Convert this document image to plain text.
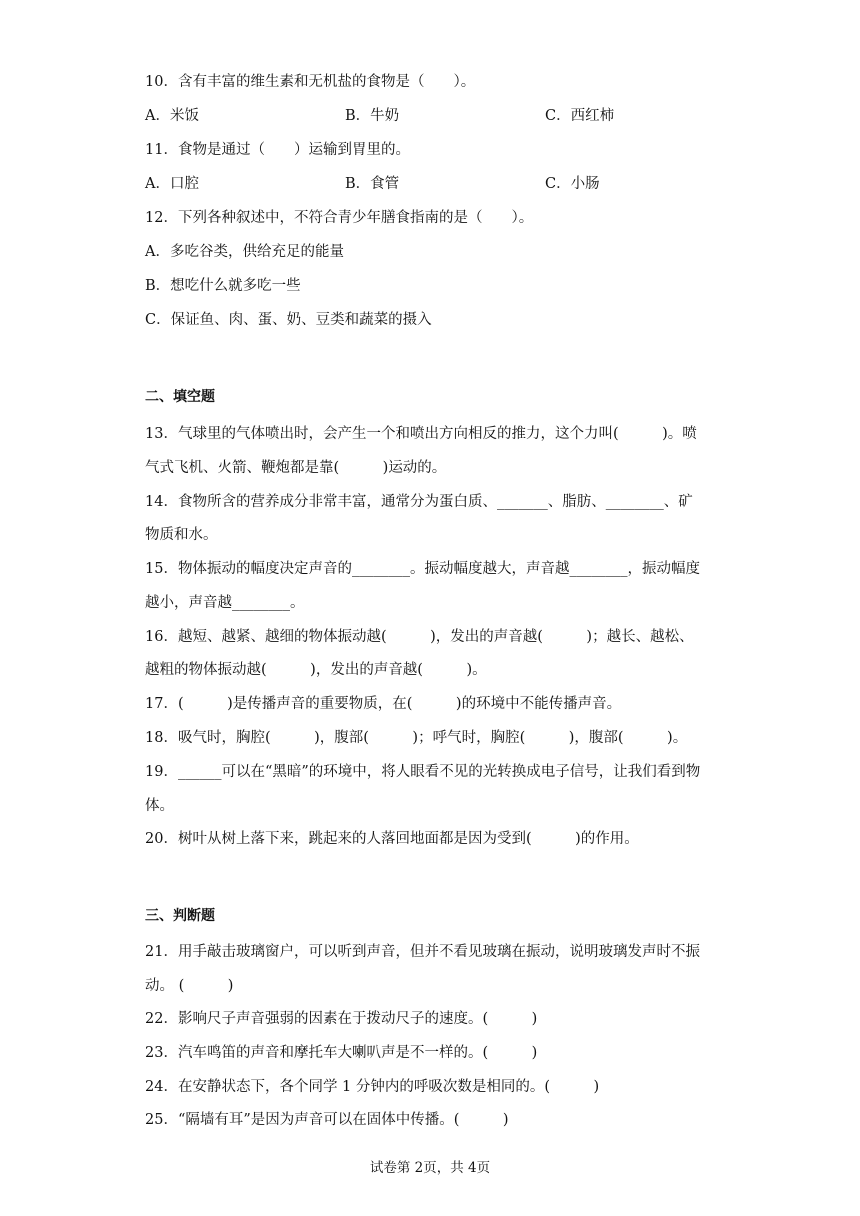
10．含有丰富的维生素和无机盐的食物是（　　）。
A．米饭	B．牛奶	C．西红柿
11．食物是通过（　　）运输到胃里的。
A．口腔	B．食管	C．小肠
12．下列各种叙述中，不符合青少年膳食指南的是（　　）。
A．多吃谷类，供给充足的能量
B．想吃什么就多吃一些
C．保证鱼、肉、蛋、奶、豆类和蔬菜的摄入
二、填空题
13．气球里的气体喷出时，会产生一个和喷出方向相反的推力，这个力叫(　　　)。喷
气式飞机、火箭、鞭炮都是靠(　　　)运动的。
14．食物所含的营养成分非常丰富，通常分为蛋白质、_______、脂肪、________、矿
物质和水。
15．物体振动的幅度决定声音的________。振动幅度越大，声音越________，振动幅度
越小，声音越________。
16．越短、越紧、越细的物体振动越(　　　)，发出的声音越(　　　)；越长、越松、
越粗的物体振动越(　　　)，发出的声音越(　　　)。
17．(　　　)是传播声音的重要物质，在(　　　)的环境中不能传播声音。
18．吸气时，胸腔(　　　)，腹部(　　　)；呼气时，胸腔(　　　)，腹部(　　　)。
19．______可以在“黑暗”的环境中，将人眼看不见的光转换成电子信号，让我们看到物
体。
20．树叶从树上落下来，跳起来的人落回地面都是因为受到(　　　)的作用。
三、判断题
21．用手敲击玻璃窗户，可以听到声音，但并不看见玻璃在振动，说明玻璃发声时不振
动。 (　　　)
22．影响尺子声音强弱的因素在于拨动尺子的速度。(　　　)
23．汽车鸣笛的声音和摩托车大喇叭声是不一样的。(　　　)
24．在安静状态下，各个同学 1 分钟内的呼吸次数是相同的。(　　　)
25．“隔墙有耳”是因为声音可以在固体中传播。(　　　)
试卷第 2页，共 4页
